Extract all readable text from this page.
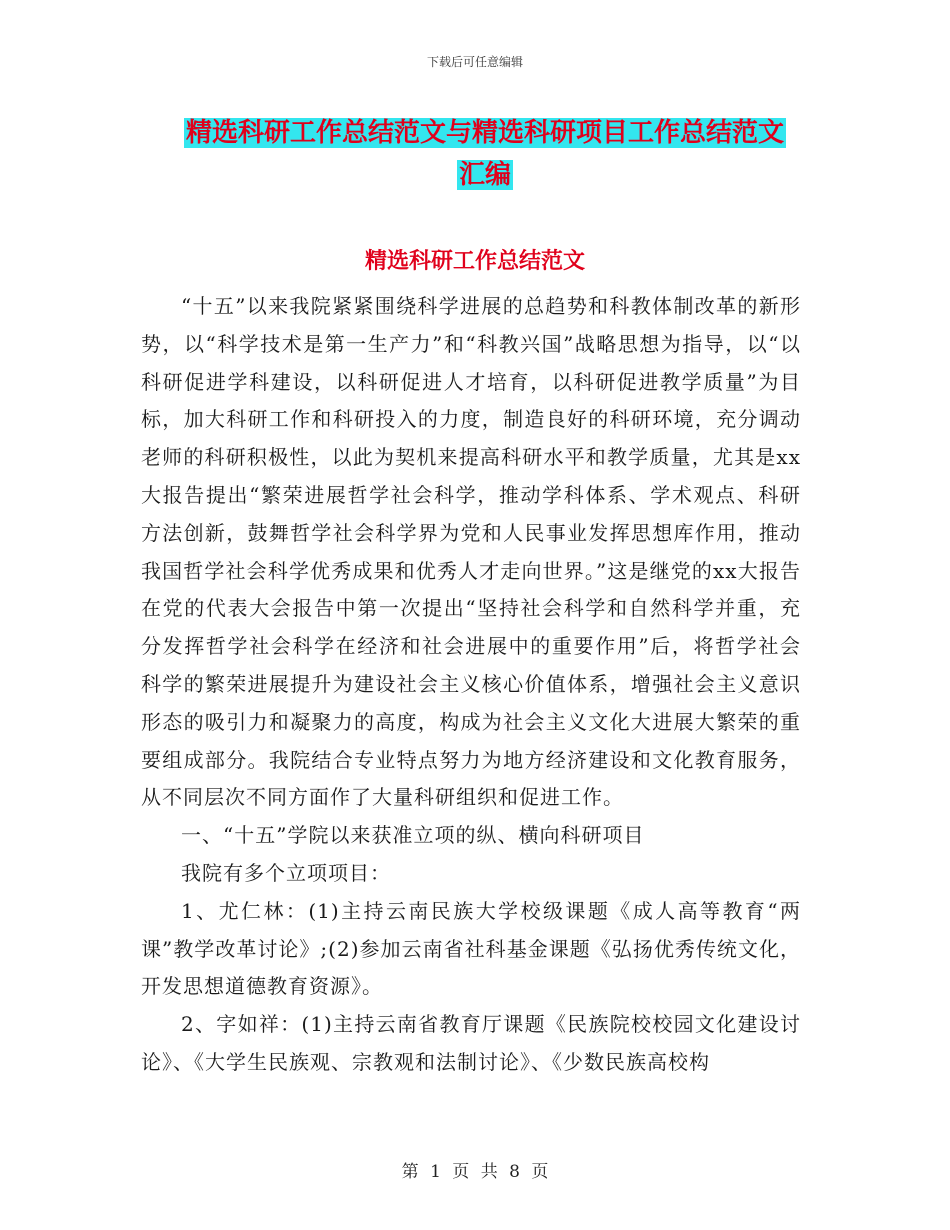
下载后可任意编辑
精选科研工作总结范文与精选科研项目工作总结范文
汇编
精选科研工作总结范文

“十五”以来我院紧紧围绕科学进展的总趋势和科教体制改革的新形势，以“科学技术是第一生产力”和“科教兴国”战略思想为指导，以“以科研促进学科建设，以科研促进人才培育，以科研促进教学质量”为目标，加大科研工作和科研投入的力度，制造良好的科研环境，充分调动老师的科研积极性，以此为契机来提高科研水平和教学质量，尤其是xx大报告提出“繁荣进展哲学社会科学，推动学科体系、学术观点、科研方法创新，鼓舞哲学社会科学界为党和人民事业发挥思想库作用，推动我国哲学社会科学优秀成果和优秀人才走向世界。”这是继党的xx大报告在党的代表大会报告中第一次提出“坚持社会科学和自然科学并重，充分发挥哲学社会科学在经济和社会进展中的重要作用”后，将哲学社会科学的繁荣进展提升为建设社会主义核心价值体系，增强社会主义意识形态的吸引力和凝聚力的高度，构成为社会主义文化大进展大繁荣的重要组成部分。我院结合专业特点努力为地方经济建设和文化教育服务，从不同层次不同方面作了大量科研组织和促进工作。

一、“十五”学院以来获准立项的纵、横向科研项目

我院有多个立项项目：

1、尤仁林：(1)主持云南民族大学校级课题《成人高等教育“两课”教学改革讨论》;(2)参加云南省社科基金课题《弘扬优秀传统文化，开发思想道德教育资源》。

2、字如祥：(1)主持云南省教育厅课题《民族院校校园文化建设讨论》、《大学生民族观、宗教观和法制讨论》、《少数民族高校构

第 1 页 共 8 页
